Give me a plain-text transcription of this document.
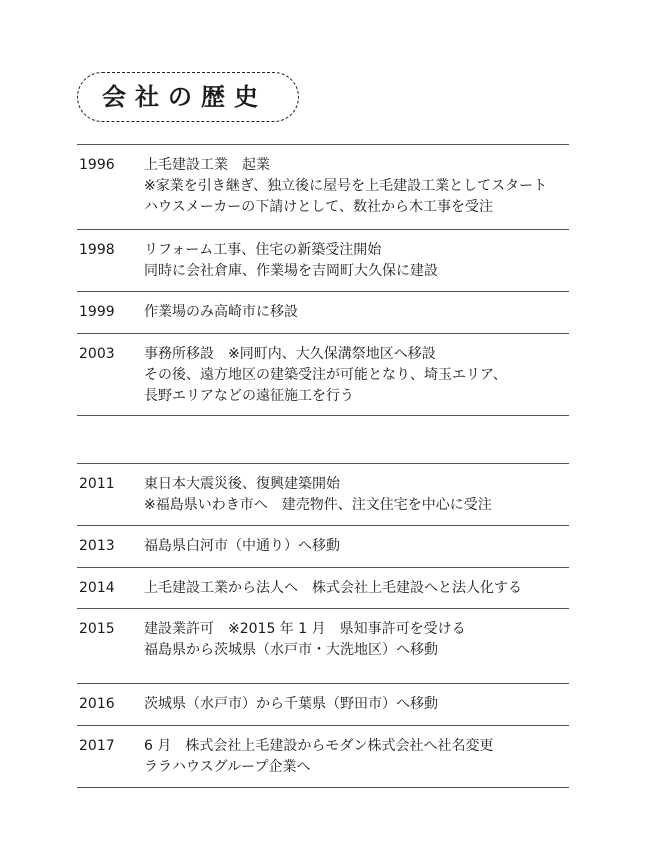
会社の歴史
1996 上毛建設工業　起業
※家業を引き継ぎ、独立後に屋号を上毛建設工業としてスタート
ハウスメーカーの下請けとして、数社から木工事を受注
1998 リフォーム工事、住宅の新築受注開始
同時に会社倉庫、作業場を吉岡町大久保に建設
1999 作業場のみ高崎市に移設
2003 事務所移設　※同町内、大久保溝祭地区へ移設
その後、遠方地区の建築受注が可能となり、埼玉エリア、
長野エリアなどの遠征施工を行う
2011 東日本大震災後、復興建築開始
※福島県いわき市へ　建売物件、注文住宅を中心に受注
2013 福島県白河市（中通り）へ移動
2014 上毛建設工業から法人へ　株式会社上毛建設へと法人化する
2015 建設業許可　※2015 年 1 月　県知事許可を受ける
福島県から茨城県（水戸市・大洗地区）へ移動
2016 茨城県（水戸市）から千葉県（野田市）へ移動
2017 6 月　株式会社上毛建設からモダン株式会社へ社名変更
ララハウスグループ企業へ
